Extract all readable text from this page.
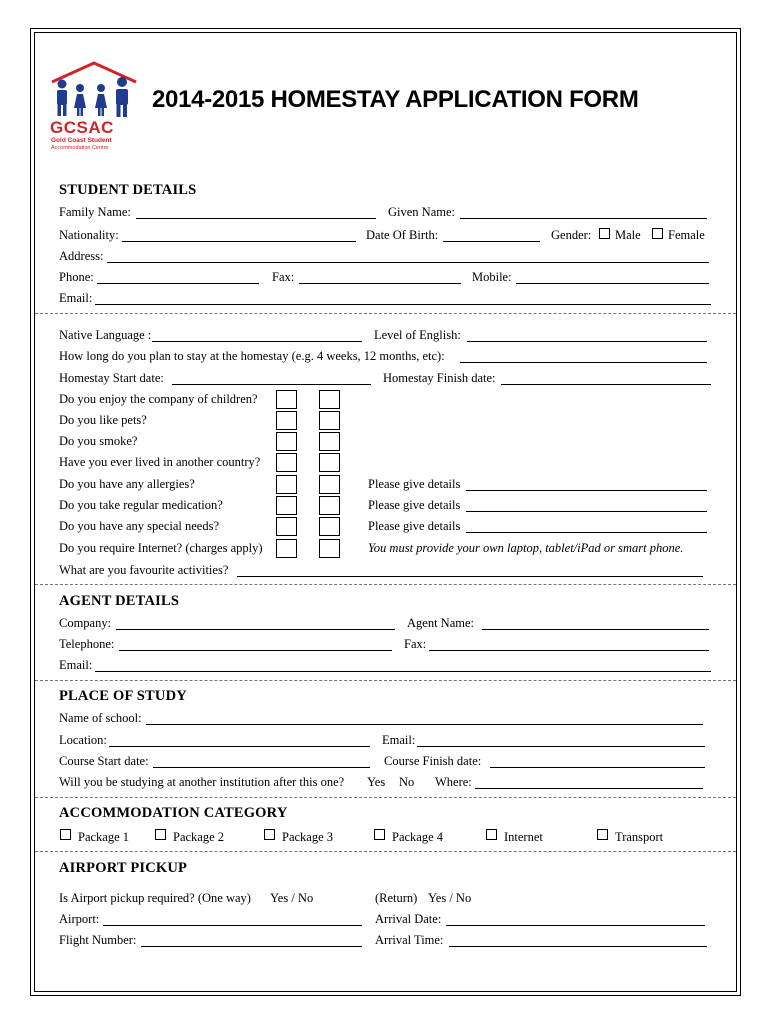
GCSAC
Gold Coast Student
Accommodation Centre
2014-2015 HOMESTAY APPLICATION FORM
STUDENT DETAILS
Family Name:	Given Name:
Nationality:	Date Of Birth:	Gender: Male Female
Address:
Phone:	Fax:	Mobile:
Email:
Native Language :	Level of English:
How long do you plan to stay at the homestay (e.g. 4 weeks, 12 months, etc):
Homestay Start date:	Homestay Finish date:
Do you enjoy the company of children?
Do you like pets?
Do you smoke?
Have you ever lived in another country?
Do you have any allergies?	Please give details
Do you take regular medication?	Please give details
Do you have any special needs?	Please give details
Do you require Internet? (charges apply)	You must provide your own laptop, tablet/iPad or smart phone.
What are you favourite activities?
AGENT DETAILS
Company:	Agent Name:
Telephone:	Fax:
Email:
PLACE OF STUDY
Name of school:
Location:	Email:
Course Start date:	Course Finish date:
Will you be studying at another institution after this one? Yes No Where:
ACCOMMODATION CATEGORY
Package 1	Package 2	Package 3	Package 4	Internet	Transport
AIRPORT PICKUP
Is Airport pickup required? (One way) Yes / No	(Return) Yes / No
Airport:	Arrival Date:
Flight Number:	Arrival Time:
